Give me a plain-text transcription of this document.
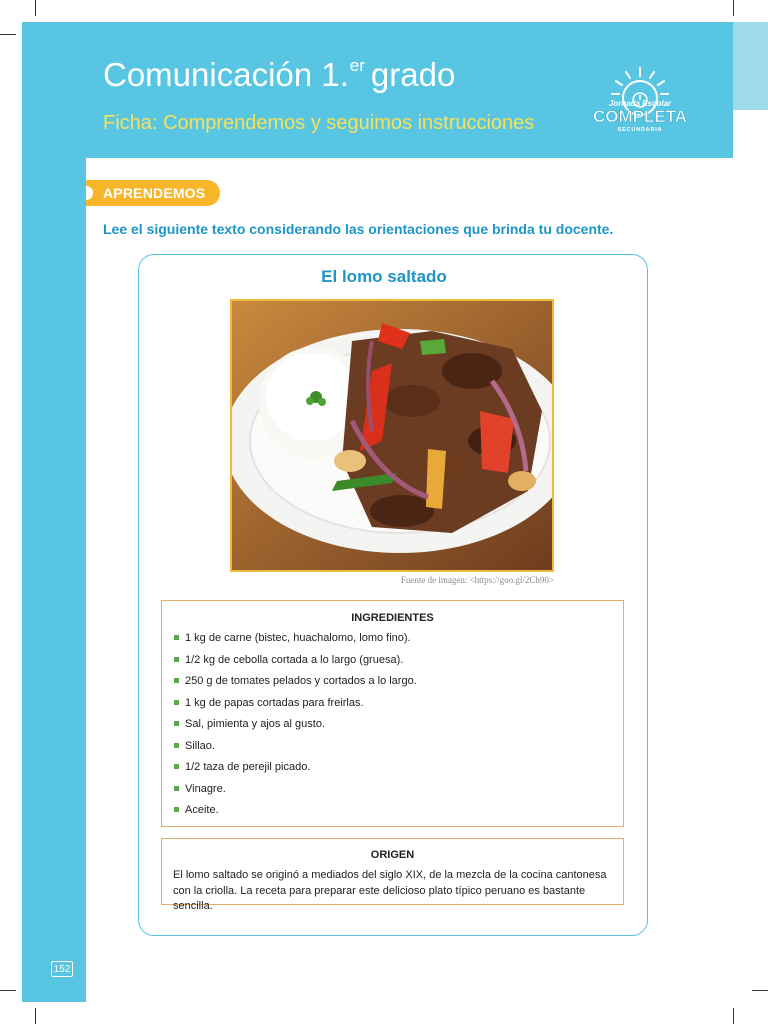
Comunicación 1.$^{er}$ grado
Ficha: Comprendemos y seguimos instrucciones
Jornada Escolar
COMPLETA
SECUNDARIA
APRENDEMOS
Lee el siguiente texto considerando las orientaciones que brinda tu docente.
El lomo saltado
Fuente de imagen: <https://goo.gl/2Cb90>
INGREDIENTES
1 kg de carne (bistec, huachalomo, lomo fino).
1/2 kg de cebolla cortada a lo largo (gruesa).
250 g de tomates pelados y cortados a lo largo.
1 kg de papas cortadas para freirlas.
Sal, pimienta y ajos al gusto.
Sillao.
1/2 taza de perejil picado.
Vinagre.
Aceite.
ORIGEN
El lomo saltado se originó a mediados del siglo XIX, de la mezcla de la cocina cantonesa con la criolla. La receta para preparar este delicioso plato típico peruano es bastante sencilla.
152
